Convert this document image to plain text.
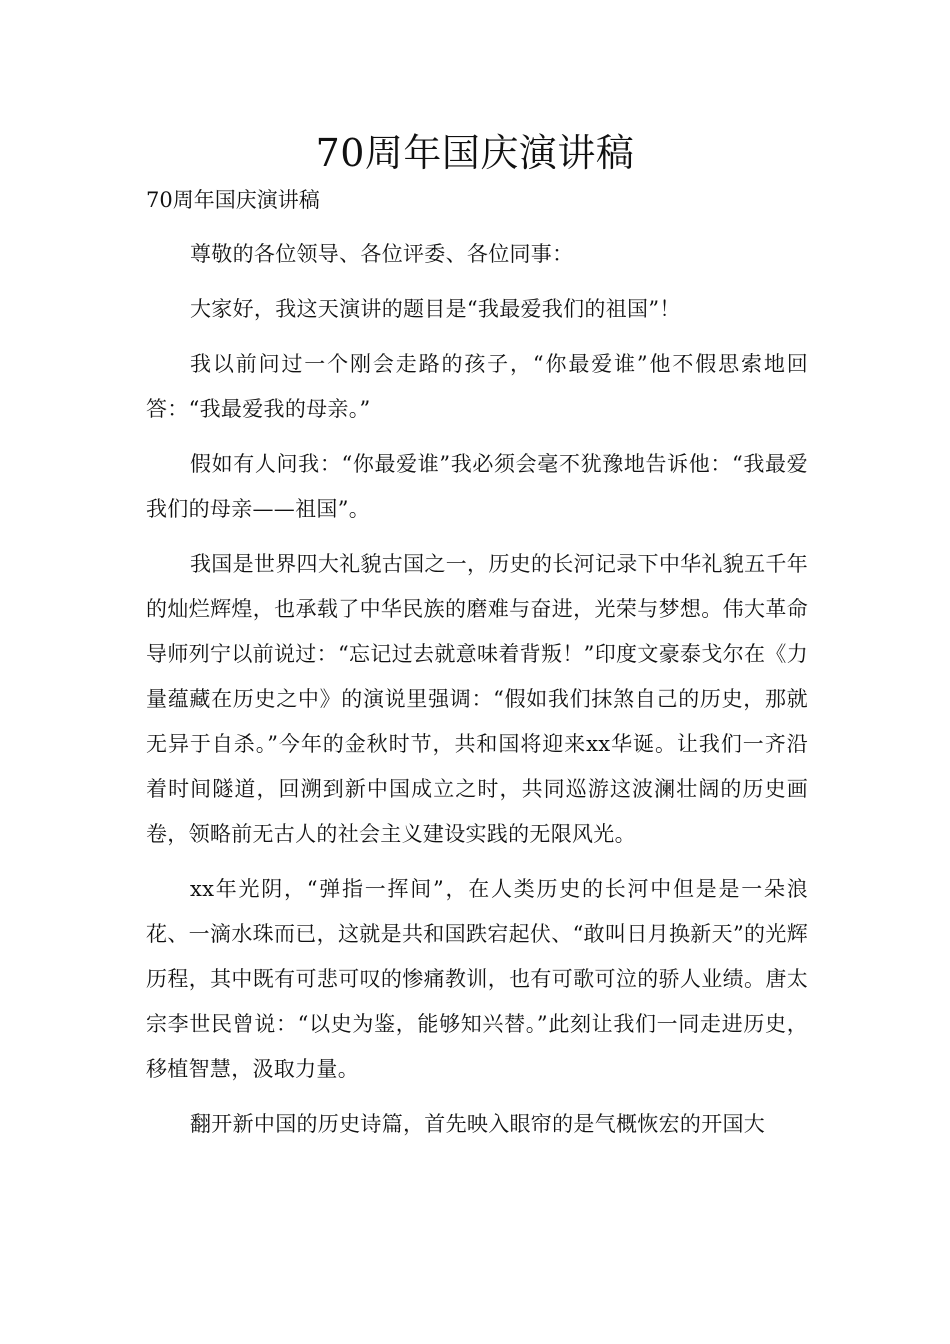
70周年国庆演讲稿

70周年国庆演讲稿

尊敬的各位领导、各位评委、各位同事：

大家好，我这天演讲的题目是“我最爱我们的祖国”！

我以前问过一个刚会走路的孩子，“你最爱谁”他不假思索地回答：“我最爱我的母亲。”

假如有人问我：“你最爱谁”我必须会毫不犹豫地告诉他：“我最爱我们的母亲——祖国”。

我国是世界四大礼貌古国之一，历史的长河记录下中华礼貌五千年的灿烂辉煌，也承载了中华民族的磨难与奋进，光荣与梦想。伟大革命导师列宁以前说过：“忘记过去就意味着背叛！”印度文豪泰戈尔在《力量蕴藏在历史之中》的演说里强调：“假如我们抹煞自己的历史，那就无异于自杀。”今年的金秋时节，共和国将迎来xx华诞。让我们一齐沿着时间隧道，回溯到新中国成立之时，共同巡游这波澜壮阔的历史画卷，领略前无古人的社会主义建设实践的无限风光。

xx年光阴，“弹指一挥间”，在人类历史的长河中但是是一朵浪花、一滴水珠而已，这就是共和国跌宕起伏、“敢叫日月换新天”的光辉历程，其中既有可悲可叹的惨痛教训，也有可歌可泣的骄人业绩。唐太宗李世民曾说：“以史为鉴，能够知兴替。”此刻让我们一同走进历史，移植智慧，汲取力量。

翻开新中国的历史诗篇，首先映入眼帘的是气概恢宏的开国大
